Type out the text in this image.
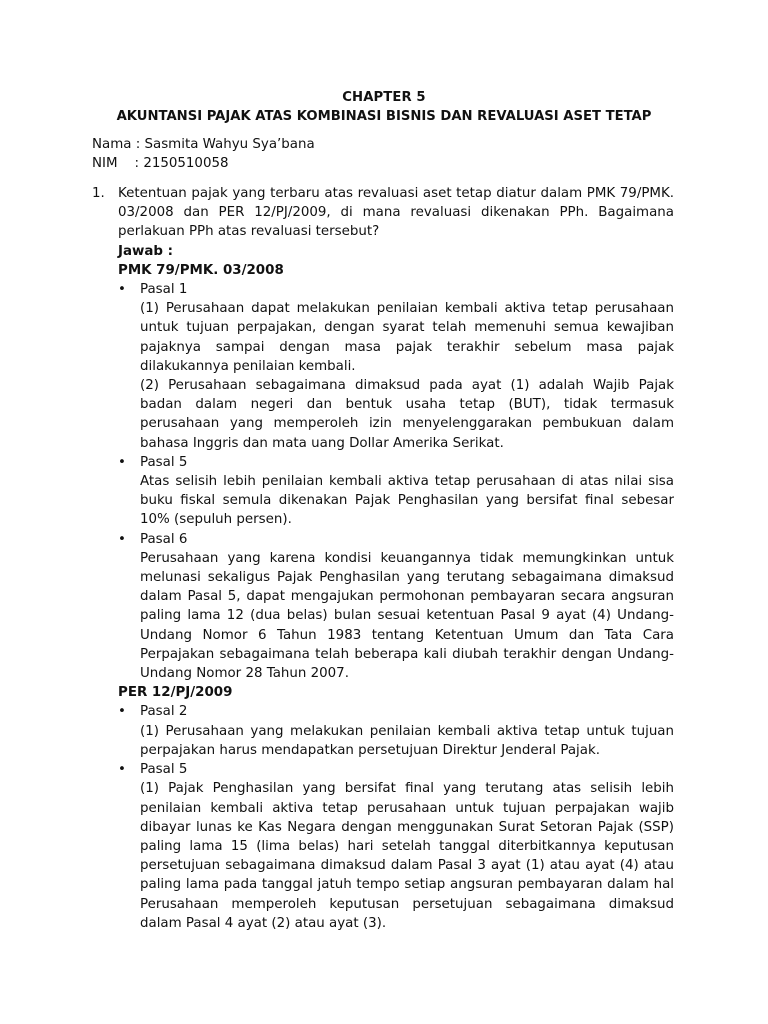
CHAPTER 5
AKUNTANSI PAJAK ATAS KOMBINASI BISNIS DAN REVALUASI ASET TETAP
Nama : Sasmita Wahyu Sya’bana
NIM    : 2150510058
1. Ketentuan pajak yang terbaru atas revaluasi aset tetap diatur dalam PMK 79/PMK. 03/2008 dan PER 12/PJ/2009, di mana revaluasi dikenakan PPh. Bagaimana perlakuan PPh atas revaluasi tersebut?
Jawab :
PMK 79/PMK. 03/2008
• Pasal 1
(1) Perusahaan dapat melakukan penilaian kembali aktiva tetap perusahaan untuk tujuan perpajakan, dengan syarat telah memenuhi semua kewajiban pajaknya sampai dengan masa pajak terakhir sebelum masa pajak dilakukannya penilaian kembali.
(2) Perusahaan sebagaimana dimaksud pada ayat (1) adalah Wajib Pajak badan dalam negeri dan bentuk usaha tetap (BUT), tidak termasuk perusahaan yang memperoleh izin menyelenggarakan pembukuan dalam bahasa Inggris dan mata uang Dollar Amerika Serikat.
• Pasal 5
Atas selisih lebih penilaian kembali aktiva tetap perusahaan di atas nilai sisa buku fiskal semula dikenakan Pajak Penghasilan yang bersifat final sebesar 10% (sepuluh persen).
• Pasal 6
Perusahaan yang karena kondisi keuangannya tidak memungkinkan untuk melunasi sekaligus Pajak Penghasilan yang terutang sebagaimana dimaksud dalam Pasal 5, dapat mengajukan permohonan pembayaran secara angsuran paling lama 12 (dua belas) bulan sesuai ketentuan Pasal 9 ayat (4) Undang-Undang Nomor 6 Tahun 1983 tentang Ketentuan Umum dan Tata Cara Perpajakan sebagaimana telah beberapa kali diubah terakhir dengan Undang-Undang Nomor 28 Tahun 2007.
PER 12/PJ/2009
• Pasal 2
(1) Perusahaan yang melakukan penilaian kembali aktiva tetap untuk tujuan perpajakan harus mendapatkan persetujuan Direktur Jenderal Pajak.
• Pasal 5
(1) Pajak Penghasilan yang bersifat final yang terutang atas selisih lebih penilaian kembali aktiva tetap perusahaan untuk tujuan perpajakan wajib dibayar lunas ke Kas Negara dengan menggunakan Surat Setoran Pajak (SSP) paling lama 15 (lima belas) hari setelah tanggal diterbitkannya keputusan persetujuan sebagaimana dimaksud dalam Pasal 3 ayat (1) atau ayat (4) atau paling lama pada tanggal jatuh tempo setiap angsuran pembayaran dalam hal Perusahaan memperoleh keputusan persetujuan sebagaimana dimaksud dalam Pasal 4 ayat (2) atau ayat (3).
